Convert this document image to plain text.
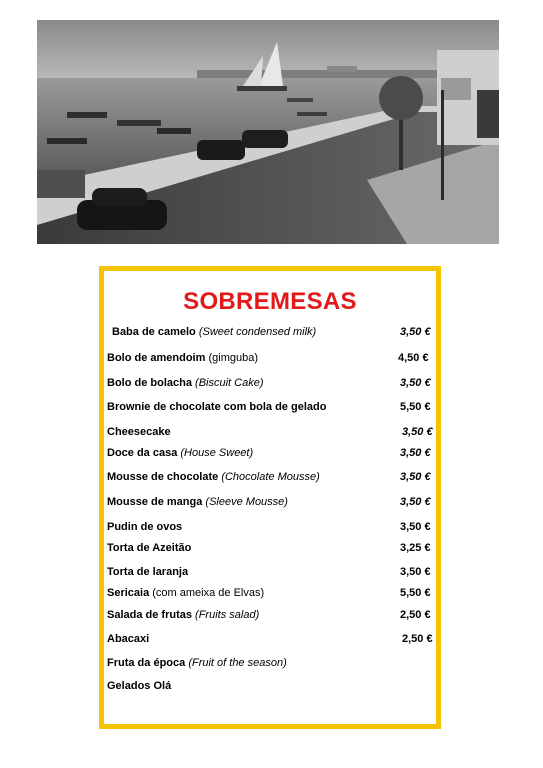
SOBREMESAS
Baba de camelo (Sweet condensed milk)	3,50 €
Bolo de amendoim (gimguba)	4,50 €
Bolo de bolacha (Biscuit Cake)	3,50 €
Brownie de chocolate com bola de gelado	5,50 €
Cheesecake	3,50 €
Doce da casa (House Sweet)	3,50 €
Mousse de chocolate (Chocolate Mousse)	3,50 €
Mousse de manga (Sleeve Mousse)	3,50 €
Pudin de ovos	3,50 €
Torta de Azeitão	3,25 €
Torta de laranja	3,50 €
Sericaia (com ameixa de Elvas)	5,50 €
Salada de frutas (Fruits salad)	2,50 €
Abacaxi	2,50 €
Fruta da época (Fruit of the season)
Gelados Olá
